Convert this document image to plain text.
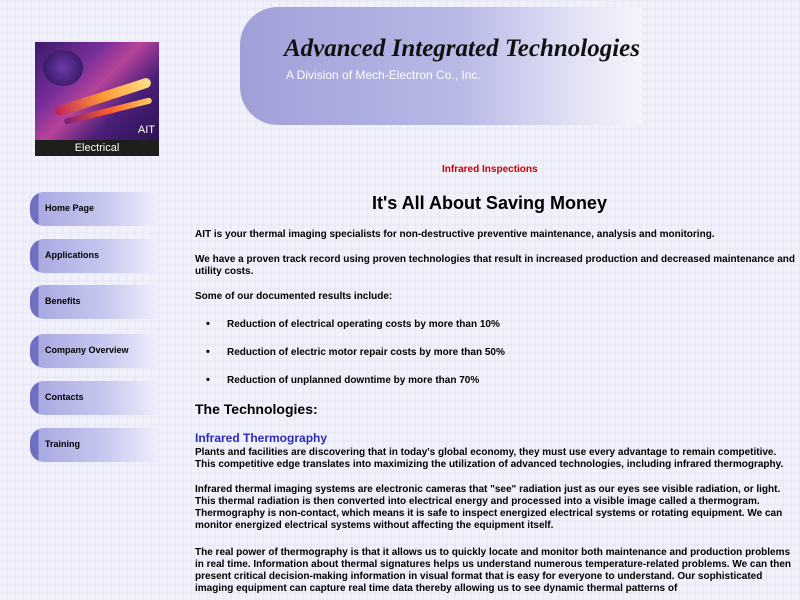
AIT
Electrical
Advanced Integrated Technologies
A Division of Mech-Electron Co., Inc.
Home Page
Applications
Benefits
Company Overview
Contacts
Training
Infrared Inspections
It's All About Saving Money
AIT is your thermal imaging specialists for non-destructive preventive maintenance, analysis and monitoring.
We have a proven track record using proven technologies that result in increased production and decreased maintenance and utility costs.
Some of our documented results include:
• Reduction of electrical operating costs by more than 10%
• Reduction of electric motor repair costs by more than 50%
• Reduction of unplanned downtime by more than 70%
The Technologies:
Infrared Thermography
Plants and facilities are discovering that in today's global economy, they must use every advantage to remain competitive. This competitive edge translates into maximizing the utilization of advanced technologies, including infrared thermography.
Infrared thermal imaging systems are electronic cameras that "see" radiation just as our eyes see visible radiation, or light. This thermal radiation is then converted into electrical energy and processed into a visible image called a thermogram. Thermography is non-contact, which means it is safe to inspect energized electrical systems or rotating equipment. We can monitor energized electrical systems without affecting the equipment itself.
The real power of thermography is that it allows us to quickly locate and monitor both maintenance and production problems in real time. Information about thermal signatures helps us understand numerous temperature-related problems. We can then present critical decision-making information in visual format that is easy for everyone to understand. Our sophisticated imaging equipment can capture real time data thereby allowing us to see dynamic thermal patterns of
